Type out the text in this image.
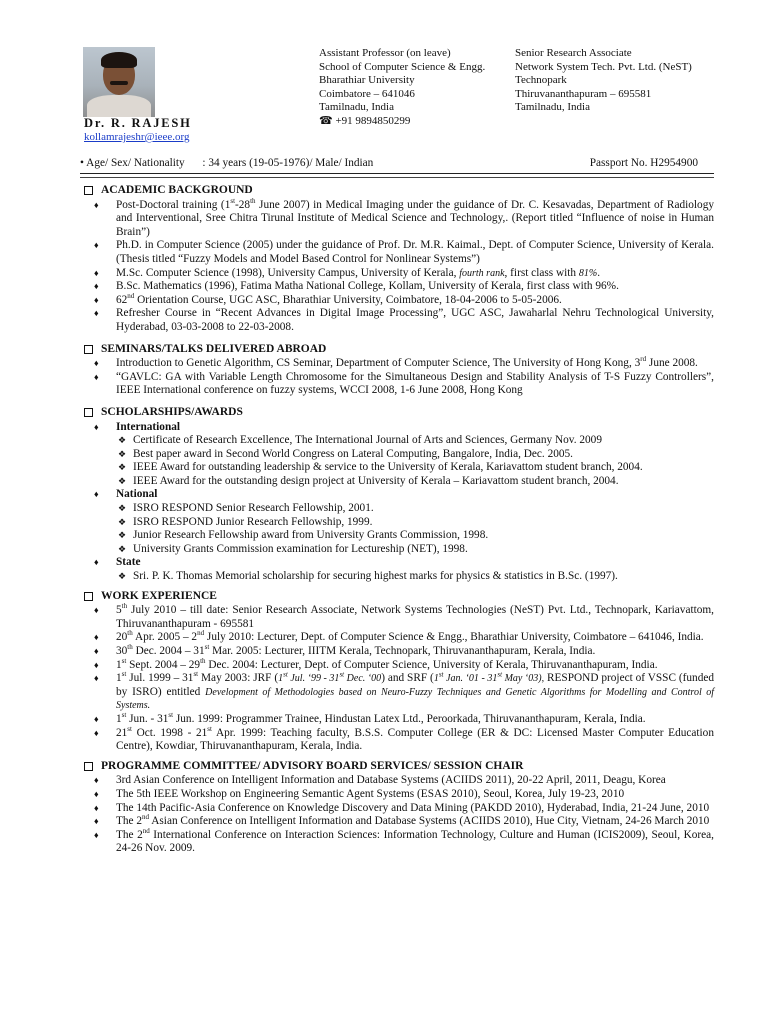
Dr. R. RAJESH
kollamrajeshr@ieee.org
Assistant Professor (on leave)
School of Computer Science & Engg.
Bharathiar University
Coimbatore – 641046
Tamilnadu, India
☎ +91 9894850299
Senior Research Associate
Network System Tech. Pvt. Ltd. (NeST)
Technopark
Thiruvananthapuram – 695581
Tamilnadu, India
• Age/ Sex/ Nationality : 34 years (19-05-1976)/ Male/ Indian	Passport No. H2954900
ACADEMIC BACKGROUND
♦ Post-Doctoral training (1st-28th June 2007) in Medical Imaging under the guidance of Dr. C. Kesavadas, Department of Radiology and Interventional, Sree Chitra Tirunal Institute of Medical Science and Technology,. (Report titled “Influence of noise in Human Brain”)
♦ Ph.D. in Computer Science (2005) under the guidance of Prof. Dr. M.R. Kaimal., Dept. of Computer Science, University of Kerala. (Thesis titled “Fuzzy Models and Model Based Control for Nonlinear Systems”)
♦ M.Sc. Computer Science (1998), University Campus, University of Kerala, fourth rank, first class with 81%.
♦ B.Sc. Mathematics (1996), Fatima Matha National College, Kollam, University of Kerala, first class with 96%.
♦ 62nd Orientation Course, UGC ASC, Bharathiar University, Coimbatore, 18-04-2006 to 5-05-2006.
♦ Refresher Course in “Recent Advances in Digital Image Processing”, UGC ASC, Jawaharlal Nehru Technological University, Hyderabad, 03-03-2008 to 22-03-2008.
SEMINARS/TALKS DELIVERED ABROAD
♦ Introduction to Genetic Algorithm, CS Seminar, Department of Computer Science, The University of Hong Kong, 3rd June 2008.
♦ “GAVLC: GA with Variable Length Chromosome for the Simultaneous Design and Stability Analysis of T-S Fuzzy Controllers”, IEEE International conference on fuzzy systems, WCCI 2008, 1-6 June 2008, Hong Kong
SCHOLARSHIPS/AWARDS
♦ International
❖ Certificate of Research Excellence, The International Journal of Arts and Sciences, Germany Nov. 2009
❖ Best paper award in Second World Congress on Lateral Computing, Bangalore, India, Dec. 2005.
❖ IEEE Award for outstanding leadership & service to the University of Kerala, Kariavattom student branch, 2004.
❖ IEEE Award for the outstanding design project at University of Kerala – Kariavattom student branch, 2004.
♦ National
❖ ISRO RESPOND Senior Research Fellowship, 2001.
❖ ISRO RESPOND Junior Research Fellowship, 1999.
❖ Junior Research Fellowship award from University Grants Commission, 1998.
❖ University Grants Commission examination for Lectureship (NET), 1998.
♦ State
❖ Sri. P. K. Thomas Memorial scholarship for securing highest marks for physics & statistics in B.Sc. (1997).
WORK EXPERIENCE
♦ 5th July 2010 – till date: Senior Research Associate, Network Systems Technologies (NeST) Pvt. Ltd., Technopark, Kariavattom, Thiruvananthapuram - 695581
♦ 20th Apr. 2005 – 2nd July 2010: Lecturer, Dept. of Computer Science & Engg., Bharathiar University, Coimbatore – 641046, India.
♦ 30th Dec. 2004 – 31st Mar. 2005: Lecturer, IIITM Kerala, Technopark, Thiruvananthapuram, Kerala, India.
♦ 1st Sept. 2004 – 29th Dec. 2004: Lecturer, Dept. of Computer Science, University of Kerala, Thiruvananthapuram, India.
♦ 1st Jul. 1999 – 31st May 2003: JRF (1st Jul. ‘99 - 31st Dec. ‘00) and SRF (1st Jan. ‘01 - 31st May ‘03), RESPOND project of VSSC (funded by ISRO) entitled Development of Methodologies based on Neuro-Fuzzy Techniques and Genetic Algorithms for Modelling and Control of Systems.
♦ 1st Jun. - 31st Jun. 1999: Programmer Trainee, Hindustan Latex Ltd., Peroorkada, Thiruvananthapuram, Kerala, India.
♦ 21st Oct. 1998 - 21st Apr. 1999: Teaching faculty, B.S.S. Computer College (ER & DC: Licensed Master Computer Education Centre), Kowdiar, Thiruvananthapuram, Kerala, India.
PROGRAMME COMMITTEE/ ADVISORY BOARD SERVICES/ SESSION CHAIR
♦ 3rd Asian Conference on Intelligent Information and Database Systems (ACIIDS 2011), 20-22 April, 2011, Deagu, Korea
♦ The 5th IEEE Workshop on Engineering Semantic Agent Systems (ESAS 2010), Seoul, Korea, July 19-23, 2010
♦ The 14th Pacific-Asia Conference on Knowledge Discovery and Data Mining (PAKDD 2010), Hyderabad, India, 21-24 June, 2010
♦ The 2nd Asian Conference on Intelligent Information and Database Systems (ACIIDS 2010), Hue City, Vietnam, 24-26 March 2010
♦ The 2nd International Conference on Interaction Sciences: Information Technology, Culture and Human (ICIS2009), Seoul, Korea, 24-26 Nov. 2009.
